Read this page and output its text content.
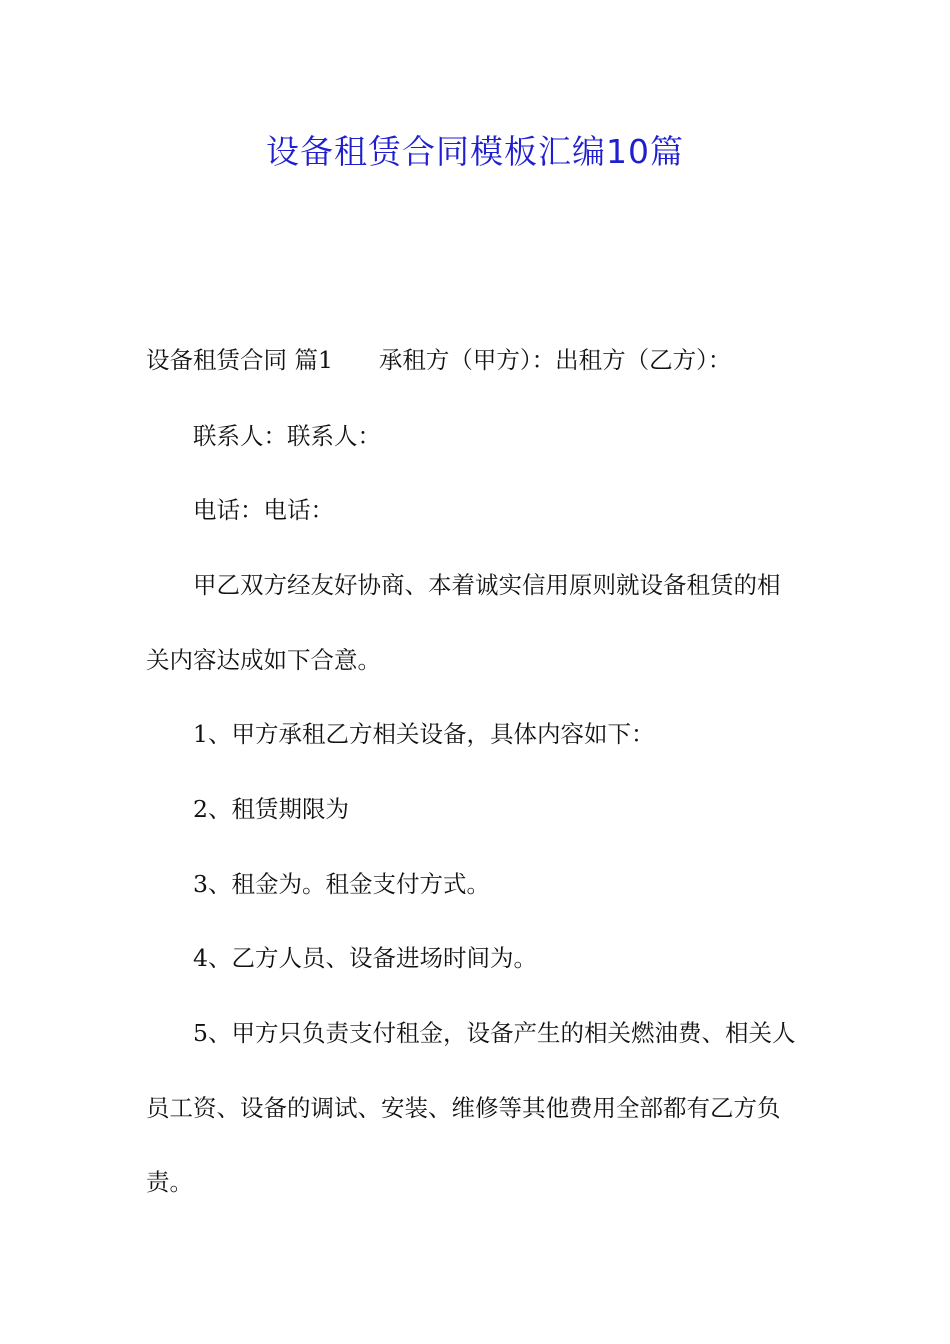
设备租赁合同模板汇编10篇

设备租赁合同 篇1 承租方（甲方）：出租方（乙方）：

联系人：联系人：

电话：电话：

甲乙双方经友好协商、本着诚实信用原则就设备租赁的相

关内容达成如下合意。

1、甲方承租乙方相关设备，具体内容如下：

2、租赁期限为

3、租金为。租金支付方式。

4、乙方人员、设备进场时间为。

5、甲方只负责支付租金，设备产生的相关燃油费、相关人

员工资、设备的调试、安装、维修等其他费用全部都有乙方负

责。
